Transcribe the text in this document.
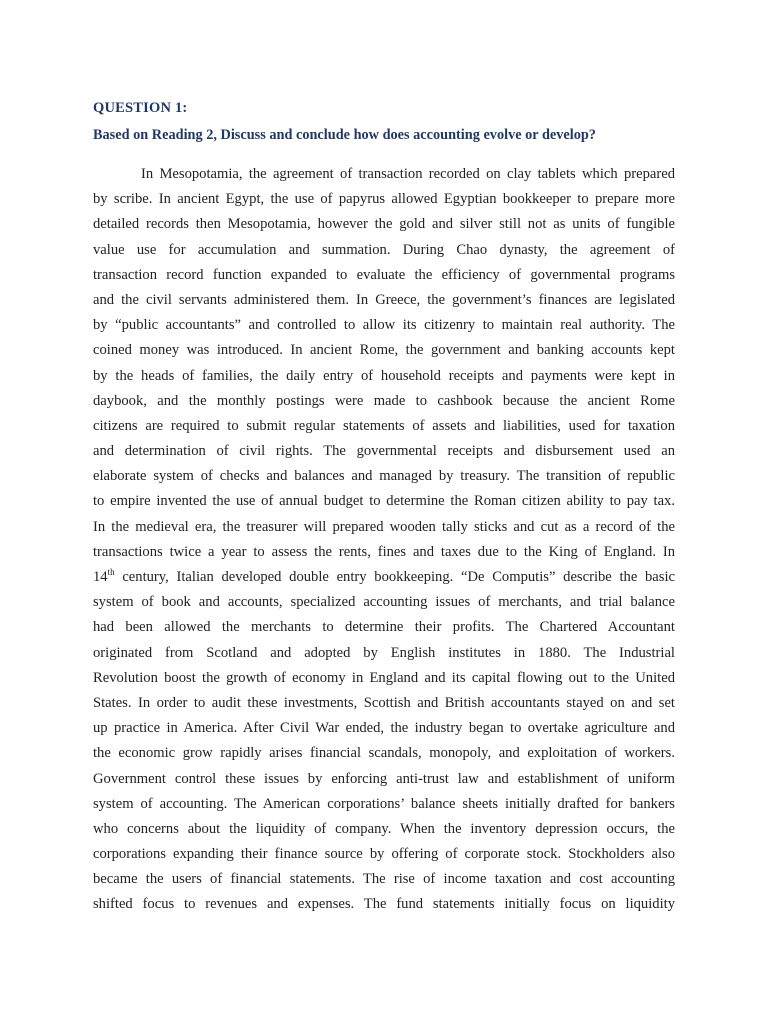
QUESTION 1:
Based on Reading 2, Discuss and conclude how does accounting evolve or develop?
In Mesopotamia, the agreement of transaction recorded on clay tablets which prepared
by scribe. In ancient Egypt, the use of papyrus allowed Egyptian bookkeeper to prepare more
detailed records then Mesopotamia, however the gold and silver still not as units of fungible
value use for accumulation and summation. During Chao dynasty, the agreement of
transaction record function expanded to evaluate the efficiency of governmental programs
and the civil servants administered them. In Greece, the government’s finances are legislated
by “public accountants” and controlled to allow its citizenry to maintain real authority. The
coined money was introduced. In ancient Rome, the government and banking accounts kept
by the heads of families, the daily entry of household receipts and payments were kept in
daybook, and the monthly postings were made to cashbook because the ancient Rome
citizens are required to submit regular statements of assets and liabilities, used for taxation
and determination of civil rights. The governmental receipts and disbursement used an
elaborate system of checks and balances and managed by treasury. The transition of republic
to empire invented the use of annual budget to determine the Roman citizen ability to pay tax.
In the medieval era, the treasurer will prepared wooden tally sticks and cut as a record of the
transactions twice a year to assess the rents, fines and taxes due to the King of England. In
14th century, Italian developed double entry bookkeeping. “De Computis” describe the basic
system of book and accounts, specialized accounting issues of merchants, and trial balance
had been allowed the merchants to determine their profits. The Chartered Accountant
originated from Scotland and adopted by English institutes in 1880. The Industrial
Revolution boost the growth of economy in England and its capital flowing out to the United
States. In order to audit these investments, Scottish and British accountants stayed on and set
up practice in America. After Civil War ended, the industry began to overtake agriculture and
the economic grow rapidly arises financial scandals, monopoly, and exploitation of workers.
Government control these issues by enforcing anti-trust law and establishment of uniform
system of accounting. The American corporations’ balance sheets initially drafted for bankers
who concerns about the liquidity of company. When the inventory depression occurs, the
corporations expanding their finance source by offering of corporate stock. Stockholders also
became the users of financial statements. The rise of income taxation and cost accounting
shifted focus to revenues and expenses. The fund statements initially focus on liquidity
